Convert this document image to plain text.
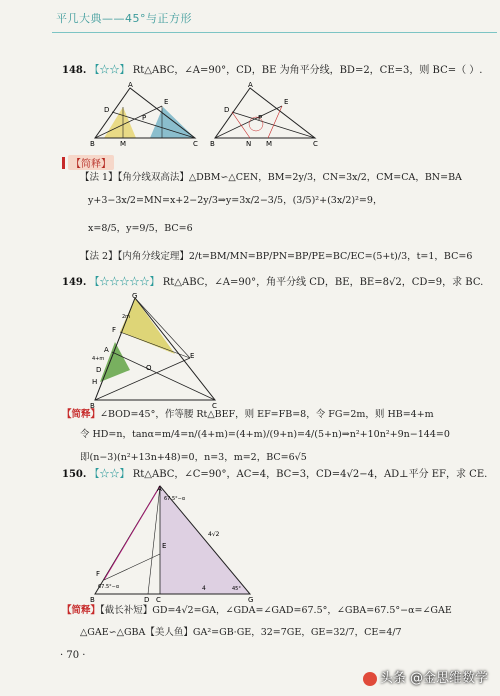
平几大典——45°与正方形
148. 【☆☆】 Rt△ABC，∠A=90°，CD，BE 为角平分线，BD=2，CE=3，则 BC=（ ）.
A
B	C
D
E
M
P
A
B	C
D
E
N M
P
【简释】
【法 1】【角分线双高法】△DBM∽△CEN，BM=2y/3，CN=3x/2，CM=CA，BN=BA
y+3−3x/2=MN=x+2−2y/3⇒y=3x/2−3/5，(3/5)²+(3x/2)²=9，
x=8/5，y=9/5，BC=6
【法 2】【内角分线定理】2/t=BM/MN=BP/PN=BP/PE=BC/EC=(5+t)/3，t=1，BC=6
149. 【☆☆☆☆☆】 Rt△ABC，∠A=90°，角平分线 CD，BE，BE=8√2，CD=9，求 BC.
G
F
A
D
E
O
H
B	C
2m
4+m
【简释】∠BOD=45°，作等腰 Rt△BEF，则 EF=FB=8，令 FG=2m，则 HB=4+m
令 HD=n，tanα=m/4=n/(4+m)=(4+m)/(9+n)=4/(5+n)⇒n²+10n²+9n−144=0
即(n−3)(n²+13n+48)=0，n=3，m=2，BC=6√5
150. 【☆☆】 Rt△ABC，∠C=90°，AC=4，BC=3，CD=4√2−4，AD⊥平分 EF，求 CE.
A
F
B	D C
E
G
67.5°−α
67.5°−α	45°
4√2
4
【简释】【截长补短】GD=4√2=GA，∠GDA=∠GAD=67.5°，∠GBA=67.5°−α=∠GAE
△GAE∽△GBA【美人鱼】GA²=GB·GE，32=7GE，GE=32/7，CE=4/7
· 70 ·
头条 @金思维数学
